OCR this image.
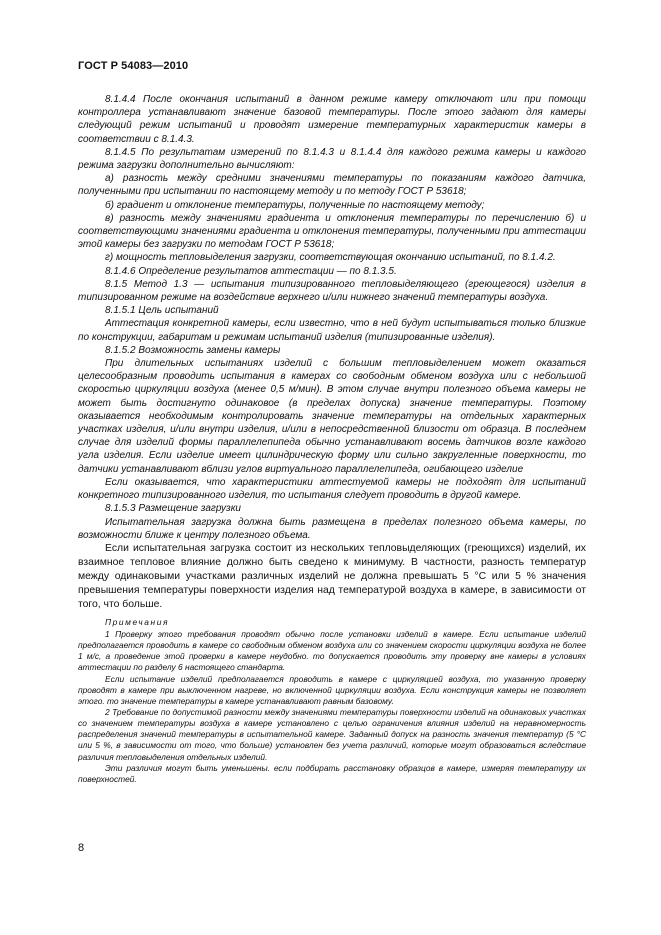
ГОСТ Р 54083—2010

8.1.4.4 После окончания испытаний в данном режиме камеру отключают или при помощи контроллера устанавливают значение базовой температуры. После этого задают для камеры следующий режим испытаний и проводят измерение температурных характеристик камеры в соответствии с 8.1.4.3.

8.1.4.5 По результатам измерений по 8.1.4.3 и 8.1.4.4 для каждого режима камеры и каждого режима загрузки дополнительно вычисляют:

а) разность между средними значениями температуры по показаниям каждого датчика, полученными при испытании по настоящему методу и по методу ГОСТ Р 53618;

б) градиент и отклонение температуры, полученные по настоящему методу;

в) разность между значениями градиента и отклонения температуры по перечислению б) и соответствующими значениями градиента и отклонения температуры, полученными при аттестации этой камеры без загрузки по методам ГОСТ Р 53618;

г) мощность тепловыделения загрузки, соответствующая окончанию испытаний, по 8.1.4.2.

8.1.4.6 Определение результатов аттестации — по 8.1.3.5.

8.1.5 Метод 1.3 — испытания типизированного тепловыделяющего (греющегося) изделия в типизированном режиме на воздействие верхнего и/или нижнего значений температуры воздуха.

8.1.5.1 Цель испытаний

Аттестация конкретной камеры, если известно, что в ней будут испытываться только близкие по конструкции, габаритам и режимам испытаний изделия (типизированные изделия).

8.1.5.2 Возможность замены камеры

При длительных испытаниях изделий с большим тепловыделением может оказаться целесообразным проводить испытания в камерах со свободным обменом воздуха или с небольшой скоростью циркуляции воздуха (менее 0,5 м/мин). В этом случае внутри полезного объема камеры не может быть достигнуто одинаковое (в пределах допуска) значение температуры. Поэтому оказывается необходимым контролировать значение температуры на отдельных характерных участках изделия, и/или внутри изделия, и/или в непосредственной близости от образца. В последнем случае для изделий формы параллелепипеда обычно устанавливают восемь датчиков возле каждого угла изделия. Если изделие имеет цилиндрическую форму или сильно закругленные поверхности, то датчики устанавливают вблизи углов виртуального параллелепипеда, огибающего изделие

Если оказывается, что характеристики аттестуемой камеры не подходят для испытаний конкретного типизированного изделия, то испытания следует проводить в другой камере.

8.1.5.3 Размещение загрузки

Испытательная загрузка должна быть размещена в пределах полезного объема камеры, по возможности ближе к центру полезного объема.

Если испытательная загрузка состоит из нескольких тепловыделяющих (греющихся) изделий, их взаимное тепловое влияние должно быть сведено к минимуму. В частности, разность температур между одинаковыми участками различных изделий не должна превышать 5 °С или 5 % значения превышения температуры поверхности изделия над температурой воздуха в камере, в зависимости от того, что больше.

Примечания

1 Проверку этого требования проводят обычно после установки изделий в камере. Если испытание изделий предполагается проводить в камере со свободным обменом воздуха или со значением скорости циркуляции воздуха не более 1 м/с, а проведение этой проверки в камере неудобно. то допускается проводить эту проверку вне камеры в условиях аттестации по разделу 6 настоящего стандарта.

Если испытание изделий предполагается проводить в камере с циркуляцией воздуха, то указанную проверку проводят в камере при выключенном нагреве, но включенной циркуляции воздуха. Если конструкция камеры не позволяет этого. то значение температуры в камере устанавливают равным базовому.

2 Требование по допустимой разности между значениями температуры поверхности изделий на одинаковых участках со значением температуры воздуха в камере установлено с целью ограничения влияния изделий на неравномерность распределения значений температуры в испытательной камере. Заданный допуск на разность значения температур (5 °С или 5 %, в зависимости от того, что больше) установлен без учета различий, которые могут образоваться вследствие различия тепловыделения отдельных изделий.

Эти различия могут быть уменьшены. если подбирать расстановку образцов в камере, измеряя температуру их поверхностей.

8
